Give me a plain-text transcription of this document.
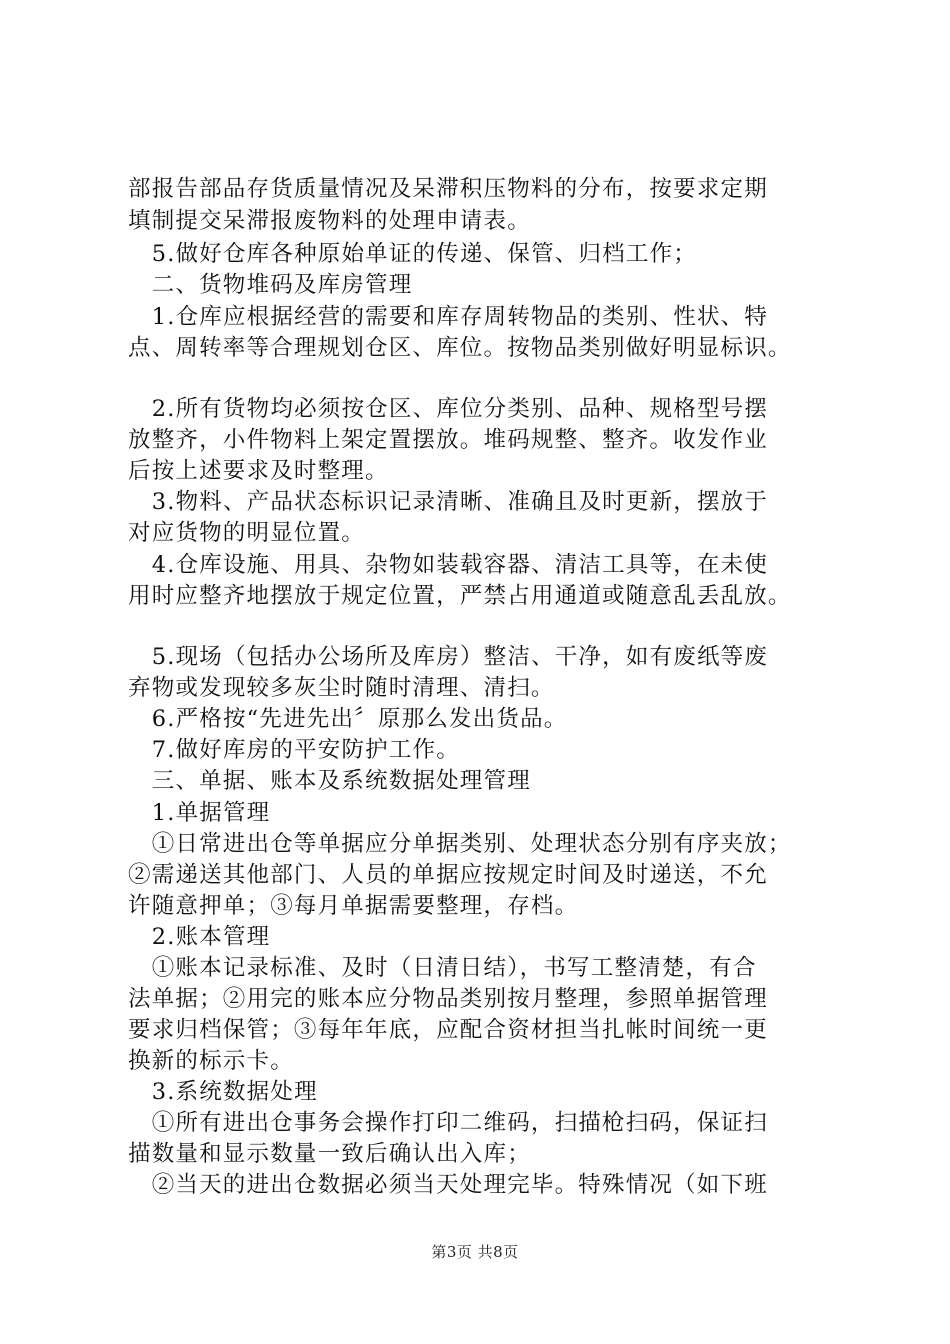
部报告部品存货质量情况及呆滞积压物料的分布，按要求定期
填制提交呆滞报废物料的处理申请表。
　5.做好仓库各种原始单证的传递、保管、归档工作；
　二、货物堆码及库房管理
　1.仓库应根据经营的需要和库存周转物品的类别、性状、特
点、周转率等合理规划仓区、库位。按物品类别做好明显标识。
　2.所有货物均必须按仓区、库位分类别、品种、规格型号摆
放整齐，小件物料上架定置摆放。堆码规整、整齐。收发作业
后按上述要求及时整理。
　3.物料、产品状态标识记录清晰、准确且及时更新，摆放于
对应货物的明显位置。
　4.仓库设施、用具、杂物如装载容器、清洁工具等，在未使
用时应整齐地摆放于规定位置，严禁占用通道或随意乱丢乱放。
　5.现场（包括办公场所及库房）整洁、干净，如有废纸等废
弃物或发现较多灰尘时随时清理、清扫。
　6.严格按“先进先出〞原那么发出货品。
　7.做好库房的平安防护工作。
　三、单据、账本及系统数据处理管理
　1.单据管理
　①日常进出仓等单据应分单据类别、处理状态分别有序夹放；
②需递送其他部门、人员的单据应按规定时间及时递送，不允
许随意押单；③每月单据需要整理，存档。
　2.账本管理
　①账本记录标准、及时（日清日结），书写工整清楚，有合
法单据；②用完的账本应分物品类别按月整理，参照单据管理
要求归档保管；③每年年底，应配合资材担当扎帐时间统一更
换新的标示卡。
　3.系统数据处理
　①所有进出仓事务会操作打印二维码，扫描枪扫码，保证扫
描数量和显示数量一致后确认出入库；
　②当天的进出仓数据必须当天处理完毕。特殊情况（如下班
第3页 共8页
